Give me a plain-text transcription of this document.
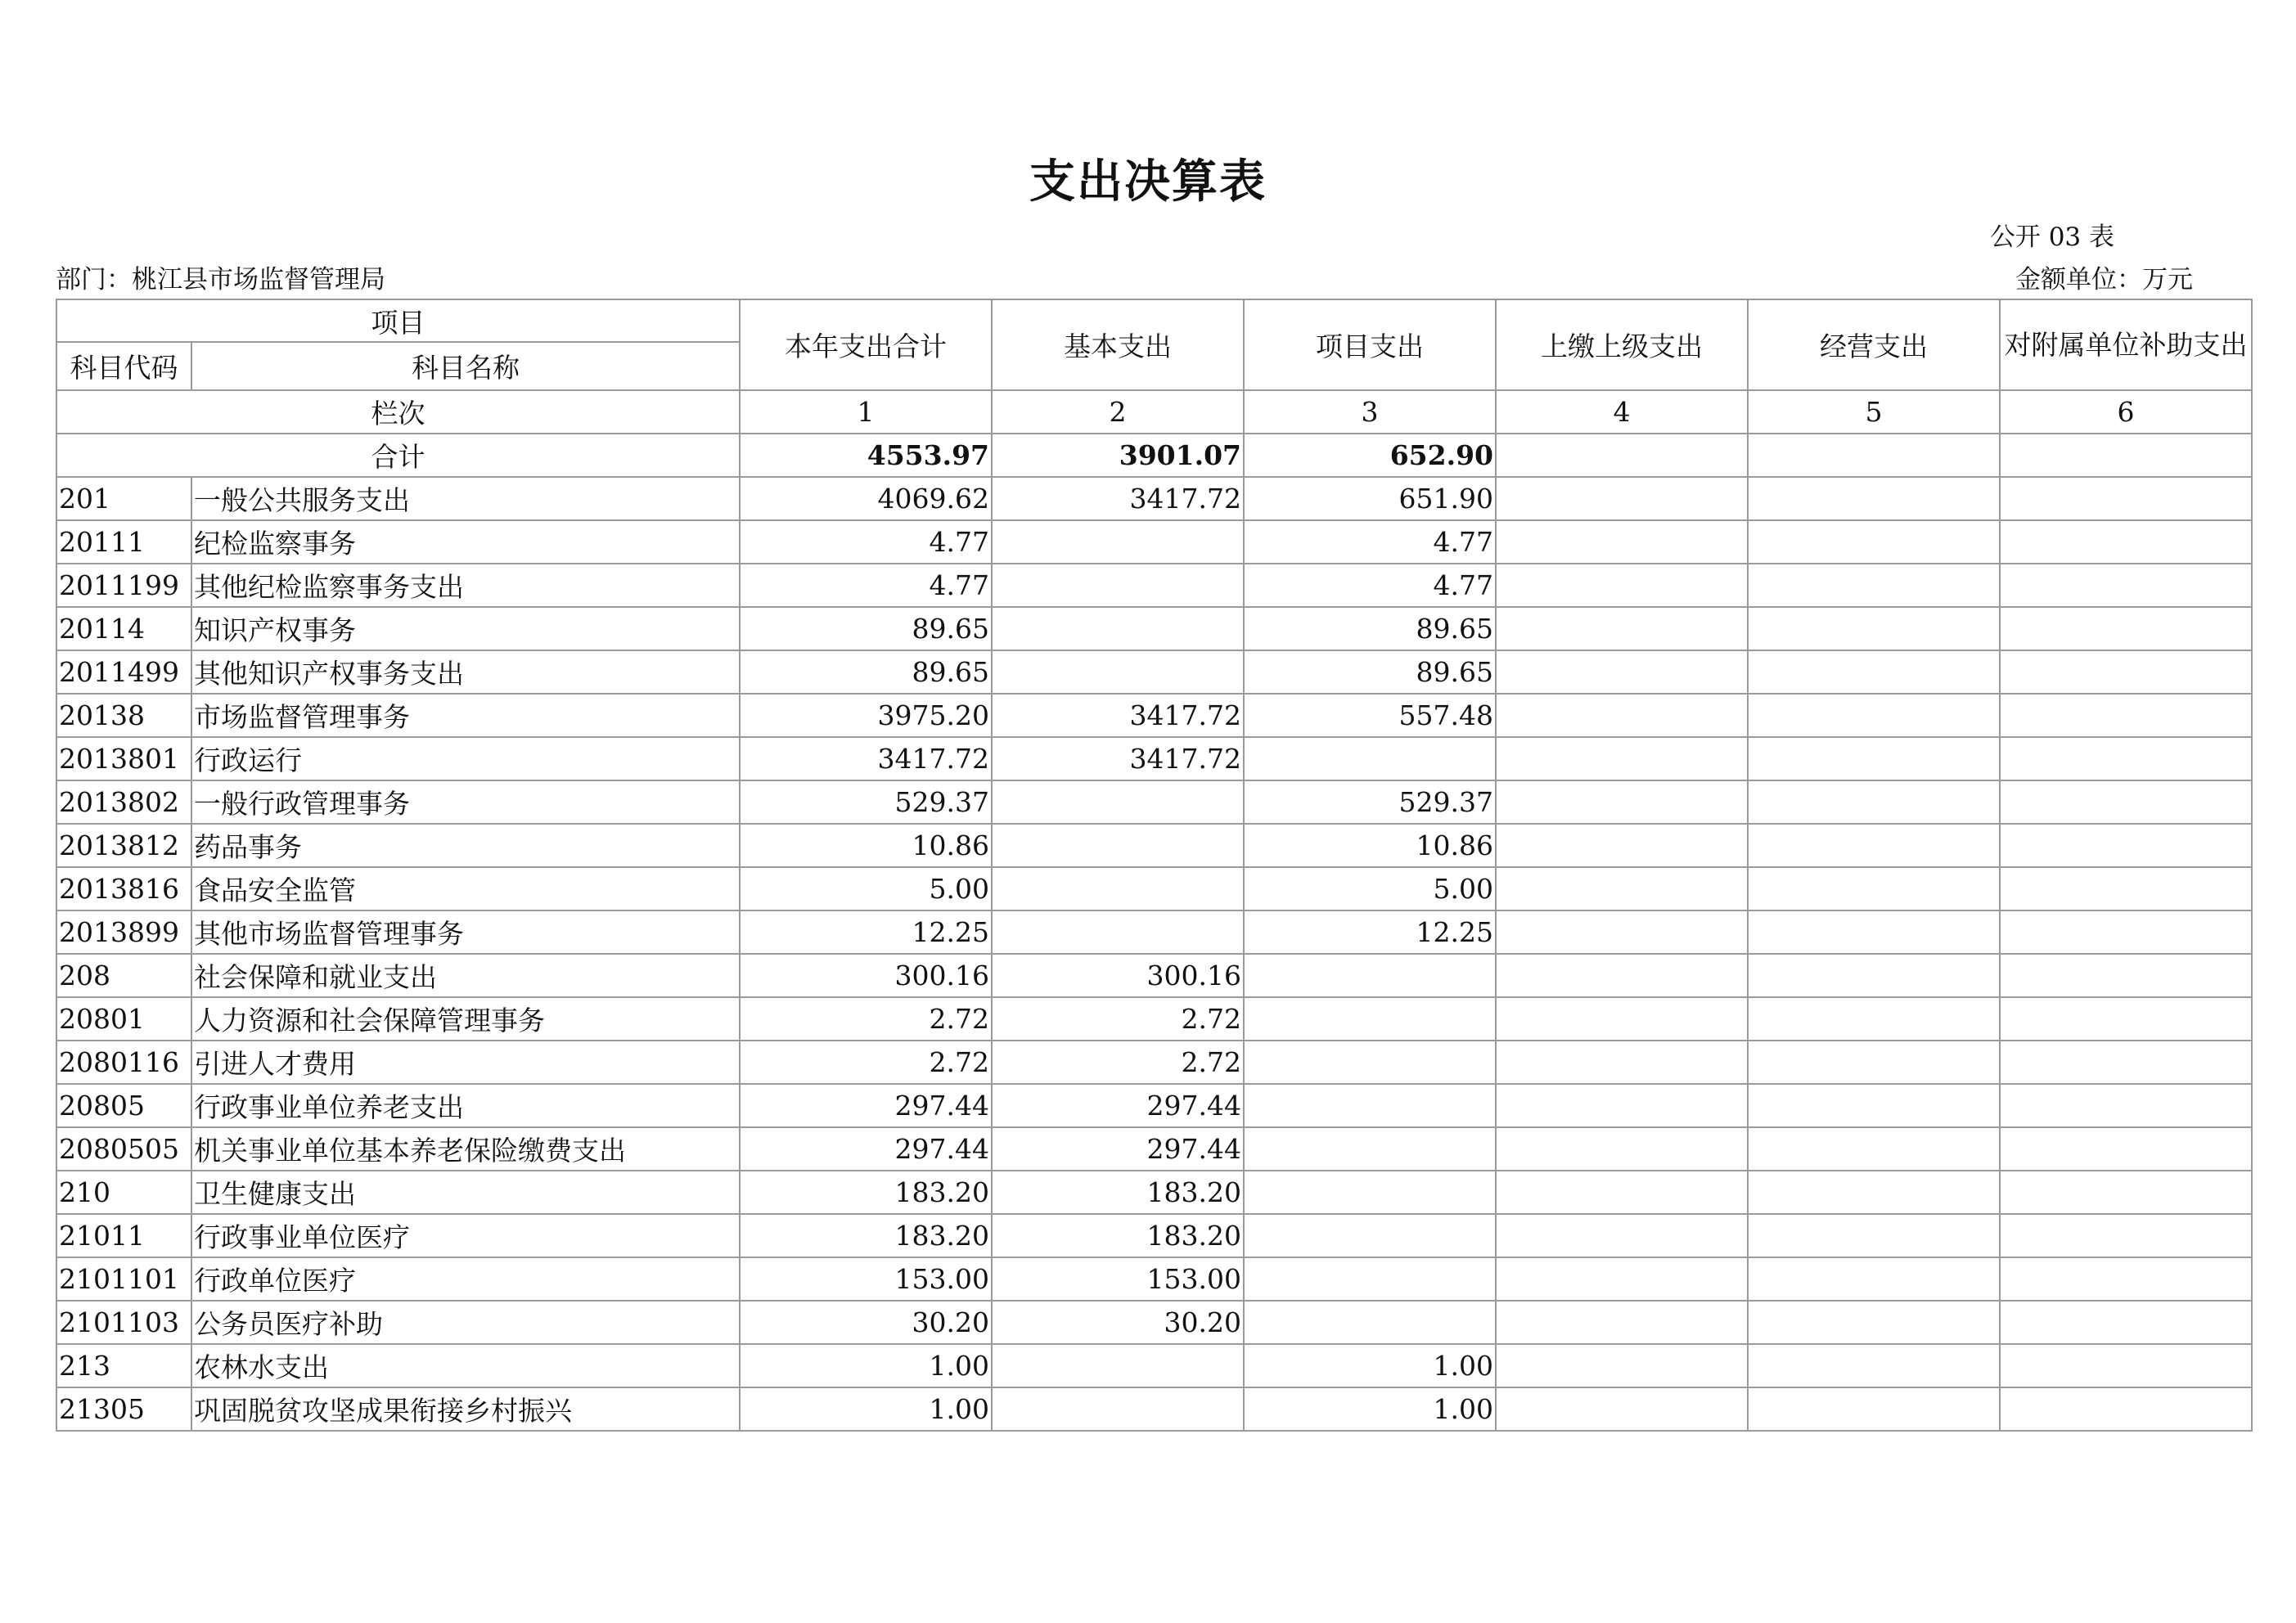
支出决算表
公开 03 表
部门：桃江县市场监督管理局	金额单位：万元
项目		本年支出合计	基本支出	项目支出	上缴上级支出	经营支出	对附属单位补助支出
科目代码	科目名称						
栏次		1	2	3	4	5	6
合计		4553.97	3901.07	652.90			
201	一般公共服务支出	4069.62	3417.72	651.90			
20111	纪检监察事务	4.77		4.77			
2011199	其他纪检监察事务支出	4.77		4.77			
20114	知识产权事务	89.65		89.65			
2011499	其他知识产权事务支出	89.65		89.65			
20138	市场监督管理事务	3975.20	3417.72	557.48			
2013801	行政运行	3417.72	3417.72				
2013802	一般行政管理事务	529.37		529.37			
2013812	药品事务	10.86		10.86			
2013816	食品安全监管	5.00		5.00			
2013899	其他市场监督管理事务	12.25		12.25			
208	社会保障和就业支出	300.16	300.16				
20801	人力资源和社会保障管理事务	2.72	2.72				
2080116	引进人才费用	2.72	2.72				
20805	行政事业单位养老支出	297.44	297.44				
2080505	机关事业单位基本养老保险缴费支出	297.44	297.44				
210	卫生健康支出	183.20	183.20				
21011	行政事业单位医疗	183.20	183.20				
2101101	行政单位医疗	153.00	153.00				
2101103	公务员医疗补助	30.20	30.20				
213	农林水支出	1.00		1.00			
21305	巩固脱贫攻坚成果衔接乡村振兴	1.00		1.00			
